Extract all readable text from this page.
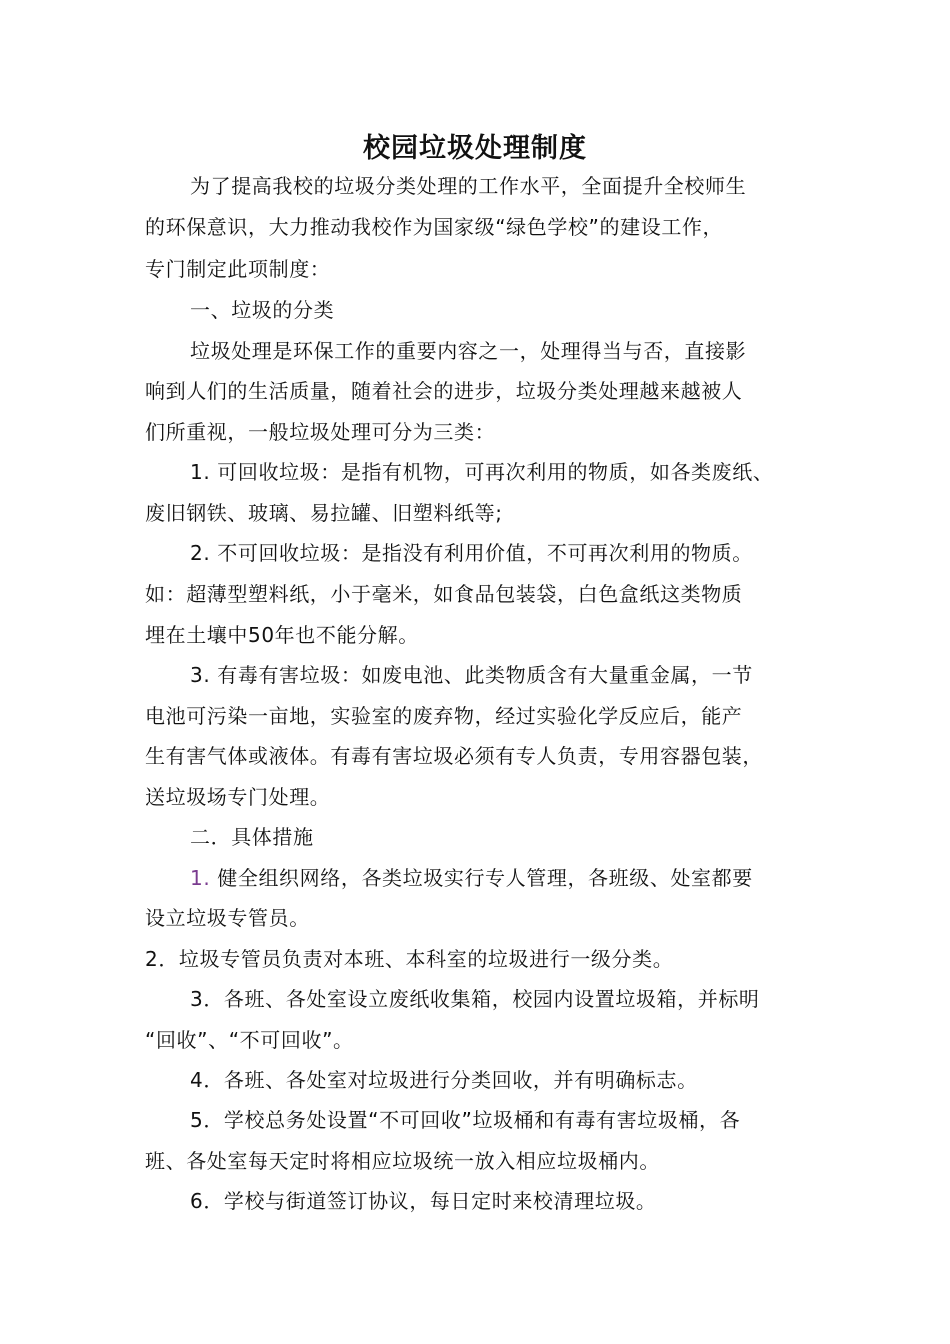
校园垃圾处理制度
为了提高我校的垃圾分类处理的工作水平，全面提升全校师生
的环保意识，大力推动我校作为国家级“绿色学校”的建设工作，
专门制定此项制度：
一、垃圾的分类
垃圾处理是环保工作的重要内容之一，处理得当与否，直接影
响到人们的生活质量，随着社会的进步，垃圾分类处理越来越被人
们所重视，一般垃圾处理可分为三类：
1. 可回收垃圾：是指有机物，可再次利用的物质，如各类废纸、
废旧钢铁、玻璃、易拉罐、旧塑料纸等;
2. 不可回收垃圾：是指没有利用价值，不可再次利用的物质。
如：超薄型塑料纸，小于毫米，如食品包装袋，白色盒纸这类物质
埋在土壤中50年也不能分解。
3. 有毒有害垃圾：如废电池、此类物质含有大量重金属，一节
电池可污染一亩地，实验室的废弃物，经过实验化学反应后，能产
生有害气体或液体。有毒有害垃圾必须有专人负责，专用容器包装，
送垃圾场专门处理。
二．具体措施
1. 健全组织网络，各类垃圾实行专人管理，各班级、处室都要
设立垃圾专管员。
2．垃圾专管员负责对本班、本科室的垃圾进行一级分类。
3．各班、各处室设立废纸收集箱，校园内设置垃圾箱，并标明
“回收”、“不可回收”。
4．各班、各处室对垃圾进行分类回收，并有明确标志。
5．学校总务处设置“不可回收”垃圾桶和有毒有害垃圾桶，各
班、各处室每天定时将相应垃圾统一放入相应垃圾桶内。
6．学校与街道签订协议，每日定时来校清理垃圾。
